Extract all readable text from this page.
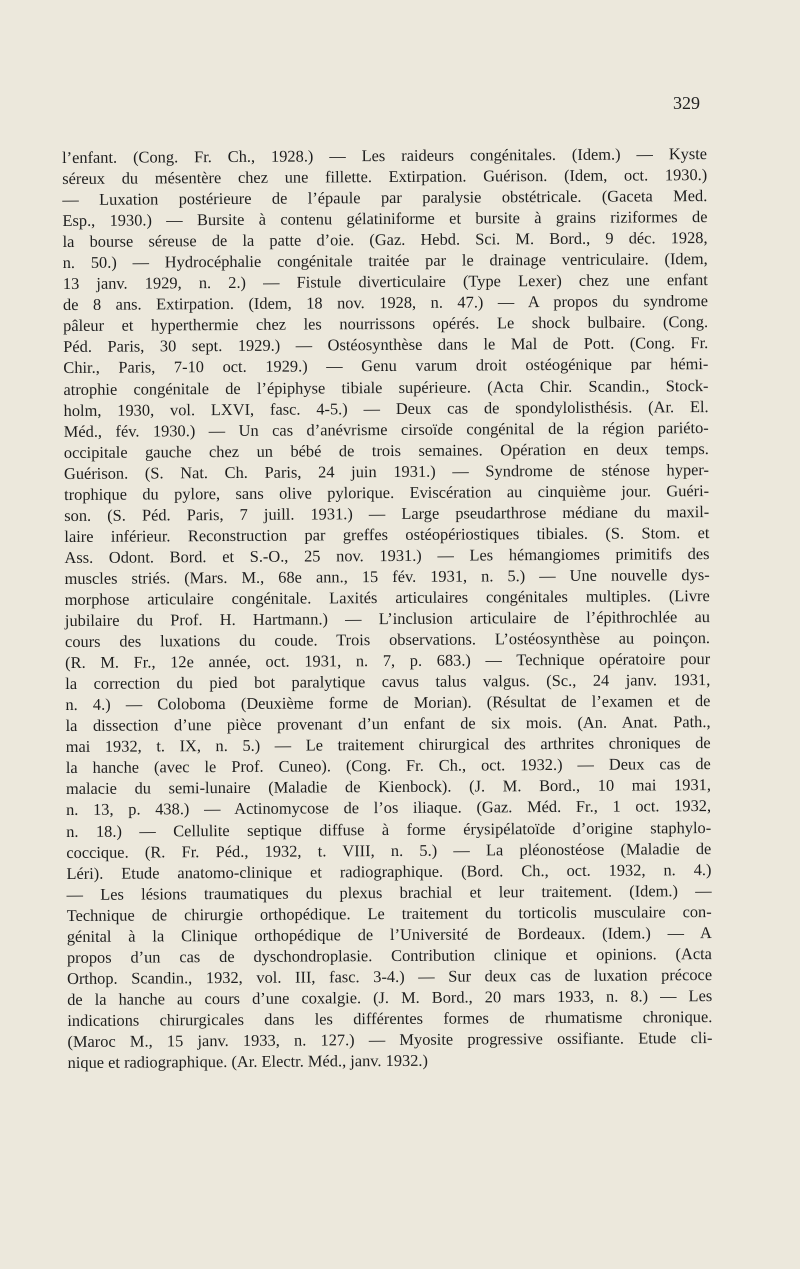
329
l’enfant. (Cong. Fr. Ch., 1928.) — Les raideurs congénitales. (Idem.) — Kyste
séreux du mésentère chez une fillette. Extirpation. Guérison. (Idem, oct. 1930.)
— Luxation postérieure de l’épaule par paralysie obstétricale. (Gaceta Med.
Esp., 1930.) — Bursite à contenu gélatiniforme et bursite à grains riziformes de
la bourse séreuse de la patte d’oie. (Gaz. Hebd. Sci. M. Bord., 9 déc. 1928,
n. 50.) — Hydrocéphalie congénitale traitée par le drainage ventriculaire. (Idem,
13 janv. 1929, n. 2.) — Fistule diverticulaire (Type Lexer) chez une enfant
de 8 ans. Extirpation. (Idem, 18 nov. 1928, n. 47.) — A propos du syndrome
pâleur et hyperthermie chez les nourrissons opérés. Le shock bulbaire. (Cong.
Péd. Paris, 30 sept. 1929.) — Ostéosynthèse dans le Mal de Pott. (Cong. Fr.
Chir., Paris, 7-10 oct. 1929.) — Genu varum droit ostéogénique par hémi-
atrophie congénitale de l’épiphyse tibiale supérieure. (Acta Chir. Scandin., Stock-
holm, 1930, vol. LXVI, fasc. 4-5.) — Deux cas de spondylolisthésis. (Ar. El.
Méd., fév. 1930.) — Un cas d’anévrisme cirsoïde congénital de la région pariéto-
occipitale gauche chez un bébé de trois semaines. Opération en deux temps.
Guérison. (S. Nat. Ch. Paris, 24 juin 1931.) — Syndrome de sténose hyper-
trophique du pylore, sans olive pylorique. Eviscération au cinquième jour. Guéri-
son. (S. Péd. Paris, 7 juill. 1931.) — Large pseudarthrose médiane du maxil-
laire inférieur. Reconstruction par greffes ostéopériostiques tibiales. (S. Stom. et
Ass. Odont. Bord. et S.-O., 25 nov. 1931.) — Les hémangiomes primitifs des
muscles striés. (Mars. M., 68e ann., 15 fév. 1931, n. 5.) — Une nouvelle dys-
morphose articulaire congénitale. Laxités articulaires congénitales multiples. (Livre
jubilaire du Prof. H. Hartmann.) — L’inclusion articulaire de l’épithrochlée au
cours des luxations du coude. Trois observations. L’ostéosynthèse au poinçon.
(R. M. Fr., 12e année, oct. 1931, n. 7, p. 683.) — Technique opératoire pour
la correction du pied bot paralytique cavus talus valgus. (Sc., 24 janv. 1931,
n. 4.) — Coloboma (Deuxième forme de Morian). (Résultat de l’examen et de
la dissection d’une pièce provenant d’un enfant de six mois. (An. Anat. Path.,
mai 1932, t. IX, n. 5.) — Le traitement chirurgical des arthrites chroniques de
la hanche (avec le Prof. Cuneo). (Cong. Fr. Ch., oct. 1932.) — Deux cas de
malacie du semi-lunaire (Maladie de Kienbock). (J. M. Bord., 10 mai 1931,
n. 13, p. 438.) — Actinomycose de l’os iliaque. (Gaz. Méd. Fr., 1 oct. 1932,
n. 18.) — Cellulite septique diffuse à forme érysipélatoïde d’origine staphylo-
coccique. (R. Fr. Péd., 1932, t. VIII, n. 5.) — La pléonostéose (Maladie de
Léri). Etude anatomo-clinique et radiographique. (Bord. Ch., oct. 1932, n. 4.)
— Les lésions traumatiques du plexus brachial et leur traitement. (Idem.) —
Technique de chirurgie orthopédique. Le traitement du torticolis musculaire con-
génital à la Clinique orthopédique de l’Université de Bordeaux. (Idem.) — A
propos d’un cas de dyschondroplasie. Contribution clinique et opinions. (Acta
Orthop. Scandin., 1932, vol. III, fasc. 3-4.) — Sur deux cas de luxation précoce
de la hanche au cours d’une coxalgie. (J. M. Bord., 20 mars 1933, n. 8.) — Les
indications chirurgicales dans les différentes formes de rhumatisme chronique.
(Maroc M., 15 janv. 1933, n. 127.) — Myosite progressive ossifiante. Etude cli-
nique et radiographique. (Ar. Electr. Méd., janv. 1932.)
